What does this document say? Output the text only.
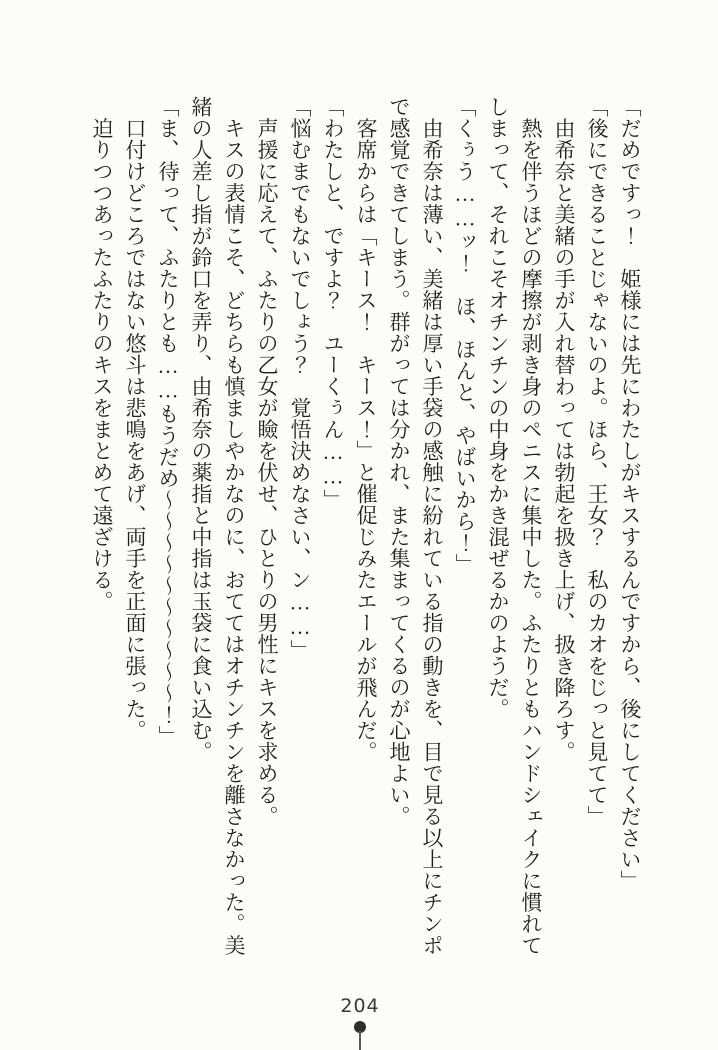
「だめですっ！　姫様には先にわたしがキスするんですから、後にしてください」
「後にできることじゃないのよ。ほら、王女？　私のカオをじっと見てて」
　由希奈と美緒の手が入れ替わっては勃起を扱き上げ、扱き降ろす。
　熱を伴うほどの摩擦が剥き身のペニスに集中した。ふたりともハンドシェイクに慣れて
しまって、それこそオチンチンの中身をかき混ぜるかのようだ。
「くぅう……ッ！　ほ、ほんと、やばいから！」
　由希奈は薄い、美緒は厚い手袋の感触に紛れている指の動きを、目で見る以上にチンポ
で感覚できてしまう。群がっては分かれ、また集まってくるのが心地よい。
　客席からは「キース！　キース！」と催促じみたエールが飛んだ。
「わたしと、ですよ？　ユーくぅん……」
「悩むまでもないでしょう？　覚悟決めなさい、ン……」
　声援に応えて、ふたりの乙女が瞼を伏せ、ひとりの男性にキスを求める。
　キスの表情こそ、どちらも慎ましやかなのに、おててはオチンチンを離さなかった。美
緒の人差し指が鈴口を弄り、由希奈の薬指と中指は玉袋に食い込む。
「ま、待って、ふたりとも……もうだめ〜〜〜〜〜〜〜〜〜〜！」
　口付けどころではない悠斗は悲鳴をあげ、両手を正面に張った。
　迫りつつあったふたりのキスをまとめて遠ざける。
204
